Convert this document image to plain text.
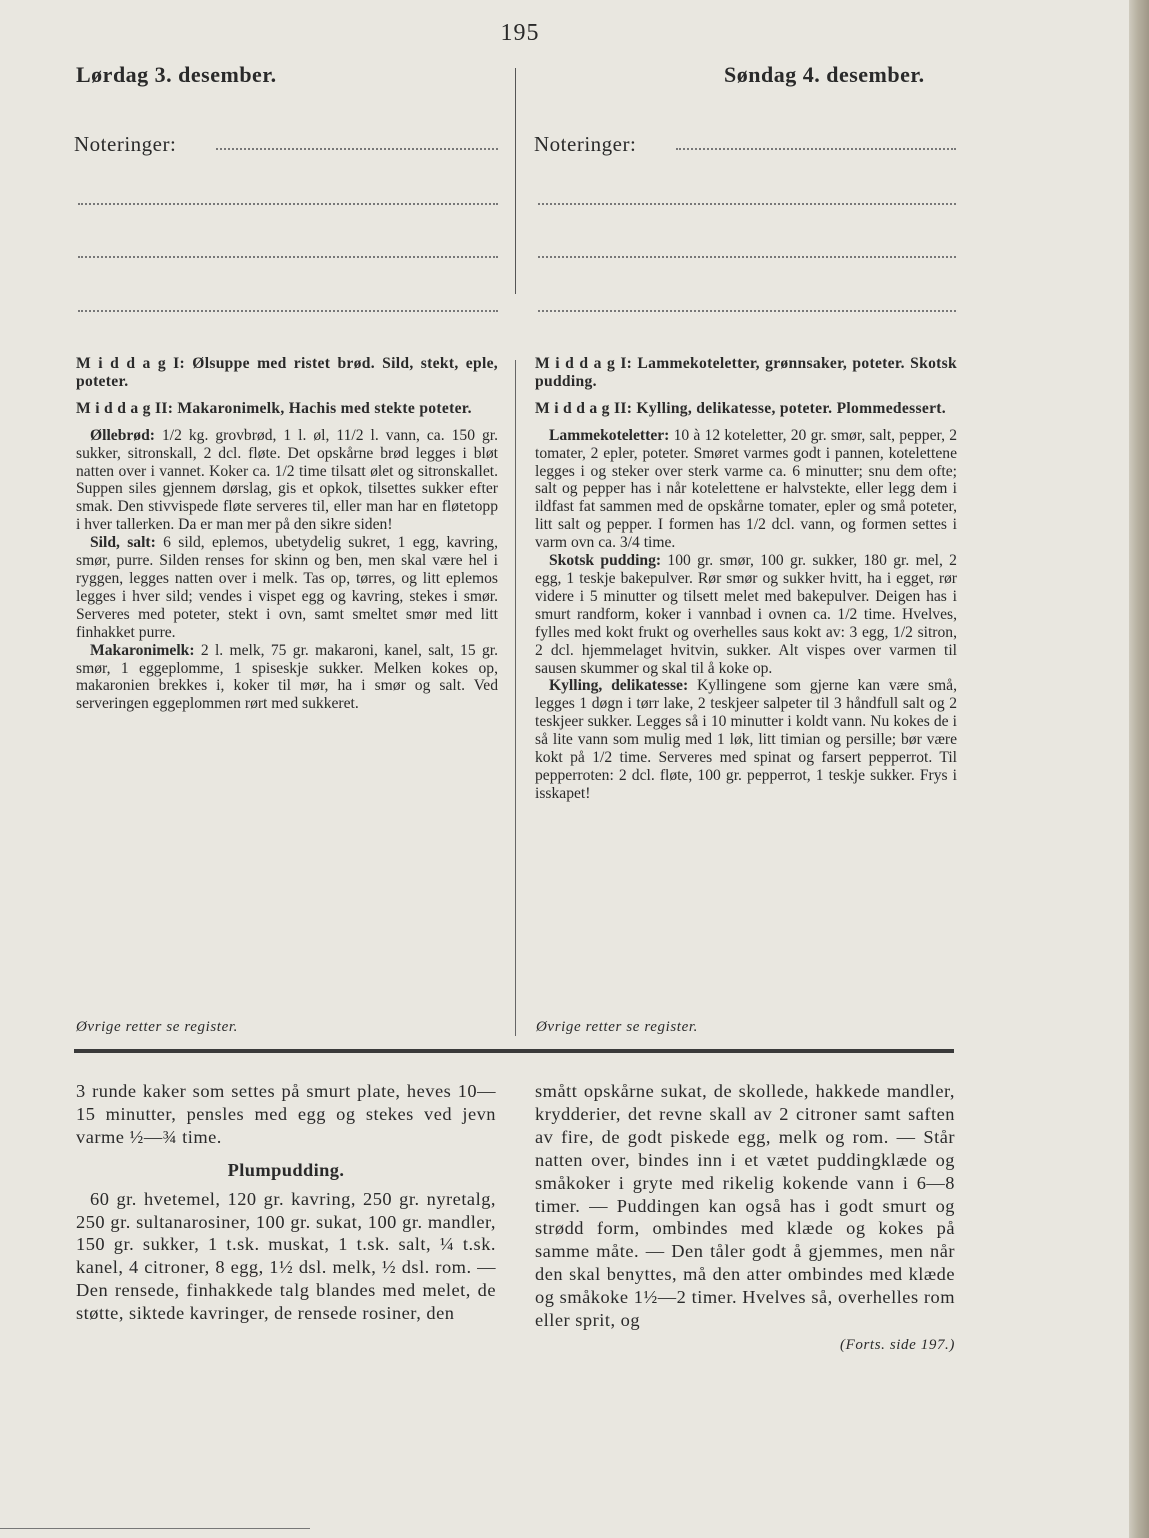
195
Lørdag 3. desember.	Søndag 4. desember.
Noteringer:	Noteringer:

M i d d a g I: Ølsuppe med ristet brød. Sild, stekt, eple, poteter.

M i d d a g II: Makaronimelk, Hachis med stekte poteter.

Øllebrød: 1/2 kg. grovbrød, 1 l. øl, 11/2 l. vann, ca. 150 gr. sukker, sitronskall, 2 dcl. fløte. Det opskårne brød legges i bløt natten over i vannet. Koker ca. 1/2 time tilsatt ølet og sitronskallet. Suppen siles gjennem dørslag, gis et opkok, tilsettes sukker efter smak. Den stivvispede fløte serveres til, eller man har en fløtetopp i hver tallerken. Da er man mer på den sikre siden!

Sild, salt: 6 sild, eplemos, ubetydelig sukret, 1 egg, kavring, smør, purre. Silden renses for skinn og ben, men skal være hel i ryggen, legges natten over i melk. Tas op, tørres, og litt eplemos legges i hver sild; vendes i vispet egg og kavring, stekes i smør. Serveres med poteter, stekt i ovn, samt smeltet smør med litt finhakket purre.

Makaronimelk: 2 l. melk, 75 gr. makaroni, kanel, salt, 15 gr. smør, 1 eggeplomme, 1 spiseskje sukker. Melken kokes op, makaronien brekkes i, koker til mør, ha i smør og salt. Ved serveringen eggeplommen rørt med sukkeret.

Øvrige retter se register.

M i d d a g I: Lammekoteletter, grønnsaker, poteter. Skotsk pudding.

M i d d a g II: Kylling, delikatesse, poteter. Plommedessert.

Lammekoteletter: 10 à 12 koteletter, 20 gr. smør, salt, pepper, 2 tomater, 2 epler, poteter. Smøret varmes godt i pannen, kotelettene legges i og steker over sterk varme ca. 6 minutter; snu dem ofte; salt og pepper has i når kotelettene er halvstekte, eller legg dem i ildfast fat sammen med de opskårne tomater, epler og små poteter, litt salt og pepper. I formen has 1/2 dcl. vann, og formen settes i varm ovn ca. 3/4 time.

Skotsk pudding: 100 gr. smør, 100 gr. sukker, 180 gr. mel, 2 egg, 1 teskje bakepulver. Rør smør og sukker hvitt, ha i egget, rør videre i 5 minutter og tilsett melet med bakepulver. Deigen has i smurt randform, koker i vannbad i ovnen ca. 1/2 time. Hvelves, fylles med kokt frukt og overhelles saus kokt av: 3 egg, 1/2 sitron, 2 dcl. hjemmelaget hvitvin, sukker. Alt vispes over varmen til sausen skummer og skal til å koke op.

Kylling, delikatesse: Kyllingene som gjerne kan være små, legges 1 døgn i tørr lake, 2 teskjeer salpeter til 3 håndfull salt og 2 teskjeer sukker. Legges så i 10 minutter i koldt vann. Nu kokes de i så lite vann som mulig med 1 løk, litt timian og persille; bør være kokt på 1/2 time. Serveres med spinat og farsert pepperrot. Til pepperroten: 2 dcl. fløte, 100 gr. pepperrot, 1 teskje sukker. Frys i isskapet!

Øvrige retter se register.

3 runde kaker som settes på smurt plate, heves 10—15 minutter, pensles med egg og stekes ved jevn varme ½—¾ time.

Plumpudding.

60 gr. hvetemel, 120 gr. kavring, 250 gr. nyretalg, 250 gr. sultanarosiner, 100 gr. sukat, 100 gr. mandler, 150 gr. sukker, 1 t.sk. muskat, 1 t.sk. salt, ¼ t.sk. kanel, 4 citroner, 8 egg, 1½ dsl. melk, ½ dsl. rom. — Den rensede, finhakkede talg blandes med melet, de støtte, siktede kavringer, de rensede rosiner, den

smått opskårne sukat, de skollede, hakkede mandler, krydderier, det revne skall av 2 citroner samt saften av fire, de godt piskede egg, melk og rom. — Står natten over, bindes inn i et vætet puddingklæde og småkoker i gryte med rikelig kokende vann i 6—8 timer. — Puddingen kan også has i godt smurt og strødd form, ombindes med klæde og kokes på samme måte. — Den tåler godt å gjemmes, men når den skal benyttes, må den atter ombindes med klæde og småkoke 1½—2 timer. Hvelves så, overhelles rom eller sprit, og

(Forts. side 197.)
